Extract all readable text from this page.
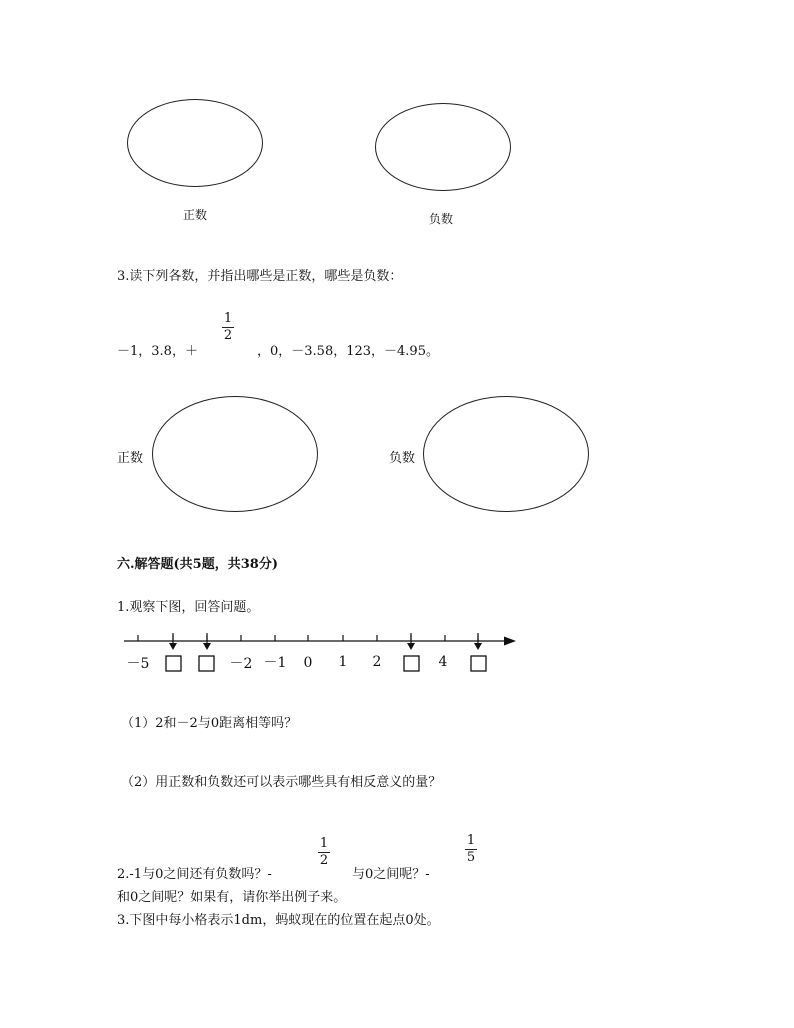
正数	负数
3.读下列各数，并指出哪些是正数，哪些是负数：
－1，3.8，＋
1
2
，0，－3.58，123，－4.95。
正数	负数
六.解答题(共5题，共38分)
1.观察下图，回答问题。
－5	－2 －1 0 1 2	4
（1）2和－2与0距离相等吗？
（2）用正数和负数还可以表示哪些具有相反意义的量？
2.-1与0之间还有负数吗？-
1
2
与0之间呢？-
1
5
和0之间呢？如果有，请你举出例子来。
3.下图中每小格表示1dm，蚂蚁现在的位置在起点0处。
